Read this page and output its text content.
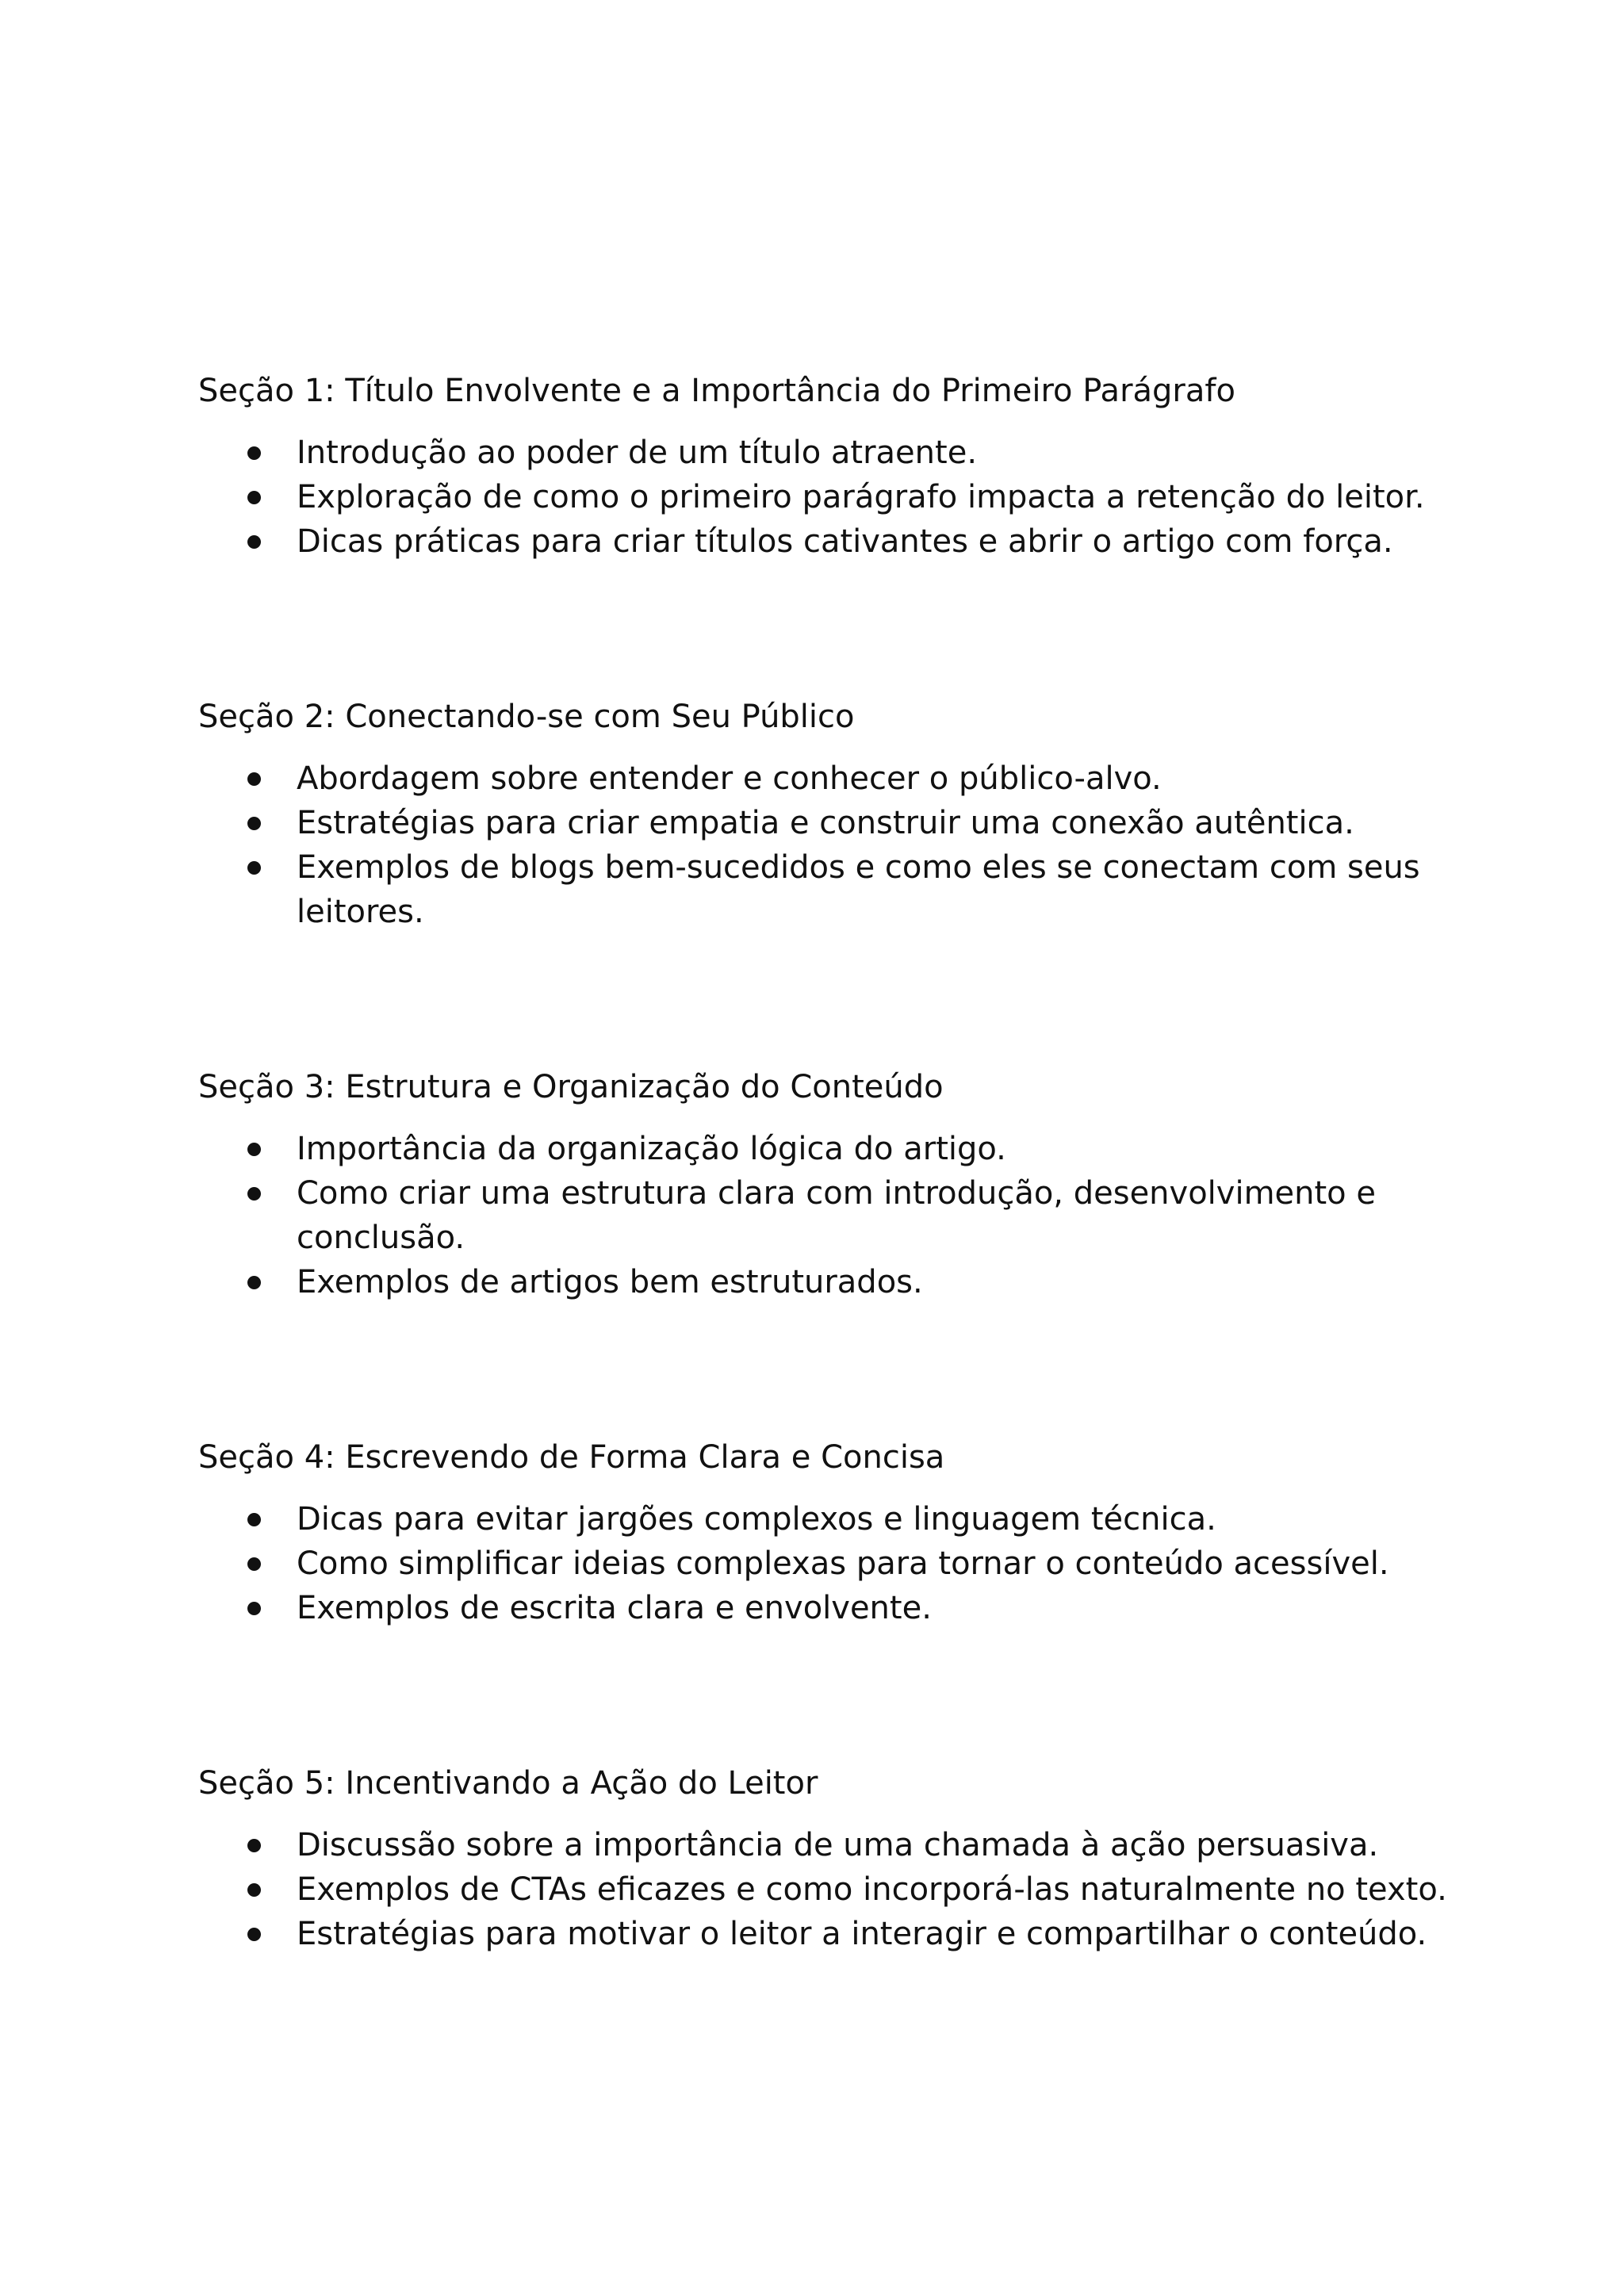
Seção 1: Título Envolvente e a Importância do Primeiro Parágrafo
Introdução ao poder de um título atraente.
Exploração de como o primeiro parágrafo impacta a retenção do leitor.
Dicas práticas para criar títulos cativantes e abrir o artigo com força.
Seção 2: Conectando-se com Seu Público
Abordagem sobre entender e conhecer o público-alvo.
Estratégias para criar empatia e construir uma conexão autêntica.
Exemplos de blogs bem-sucedidos e como eles se conectam com seus leitores.
Seção 3: Estrutura e Organização do Conteúdo
Importância da organização lógica do artigo.
Como criar uma estrutura clara com introdução, desenvolvimento e conclusão.
Exemplos de artigos bem estruturados.
Seção 4: Escrevendo de Forma Clara e Concisa
Dicas para evitar jargões complexos e linguagem técnica.
Como simplificar ideias complexas para tornar o conteúdo acessível.
Exemplos de escrita clara e envolvente.
Seção 5: Incentivando a Ação do Leitor
Discussão sobre a importância de uma chamada à ação persuasiva.
Exemplos de CTAs eficazes e como incorporá-las naturalmente no texto.
Estratégias para motivar o leitor a interagir e compartilhar o conteúdo.
